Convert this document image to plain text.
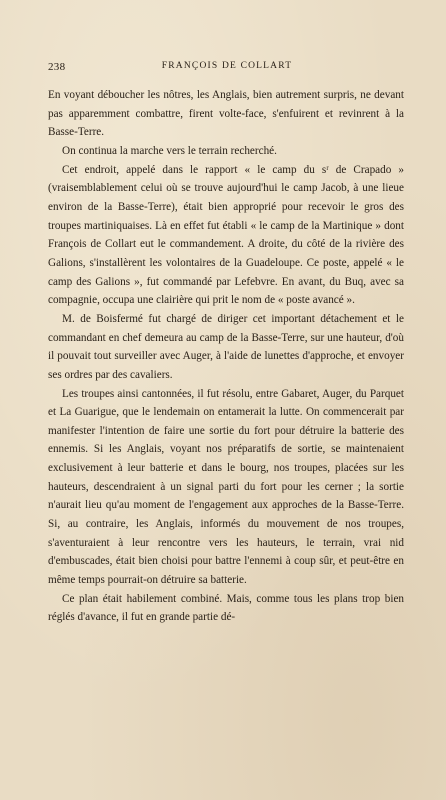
238	FRANÇOIS DE COLLART

En voyant déboucher les nôtres, les Anglais, bien autrement surpris, ne devant pas apparemment combattre, firent volte-face, s'enfuirent et revinrent à la Basse-Terre.

On continua la marche vers le terrain recherché.

Cet endroit, appelé dans le rapport « le camp du sʳ de Crapado » (vraisemblablement celui où se trouve aujourd'hui le camp Jacob, à une lieue environ de la Basse-Terre), était bien approprié pour recevoir le gros des troupes martiniquaises. Là en effet fut établi « le camp de la Martinique » dont François de Collart eut le commandement. A droite, du côté de la rivière des Galions, s'installèrent les volontaires de la Guadeloupe. Ce poste, appelé « le camp des Galions », fut commandé par Lefebvre. En avant, du Buq, avec sa compagnie, occupa une clairière qui prit le nom de « poste avancé ».

M. de Boisfermé fut chargé de diriger cet important détachement et le commandant en chef demeura au camp de la Basse-Terre, sur une hauteur, d'où il pouvait tout surveiller avec Auger, à l'aide de lunettes d'approche, et envoyer ses ordres par des cavaliers.

Les troupes ainsi cantonnées, il fut résolu, entre Gabaret, Auger, du Parquet et La Guarigue, que le lendemain on entamerait la lutte. On commencerait par manifester l'intention de faire une sortie du fort pour détruire la batterie des ennemis. Si les Anglais, voyant nos préparatifs de sortie, se maintenaient exclusivement à leur batterie et dans le bourg, nos troupes, placées sur les hauteurs, descendraient à un signal parti du fort pour les cerner ; la sortie n'aurait lieu qu'au moment de l'engagement aux approches de la Basse-Terre. Si, au contraire, les Anglais, informés du mouvement de nos troupes, s'aventuraient à leur rencontre vers les hauteurs, le terrain, vrai nid d'embuscades, était bien choisi pour battre l'ennemi à coup sûr, et peut-être en même temps pourrait-on détruire sa batterie.

Ce plan était habilement combiné. Mais, comme tous les plans trop bien réglés d'avance, il fut en grande partie dé-
